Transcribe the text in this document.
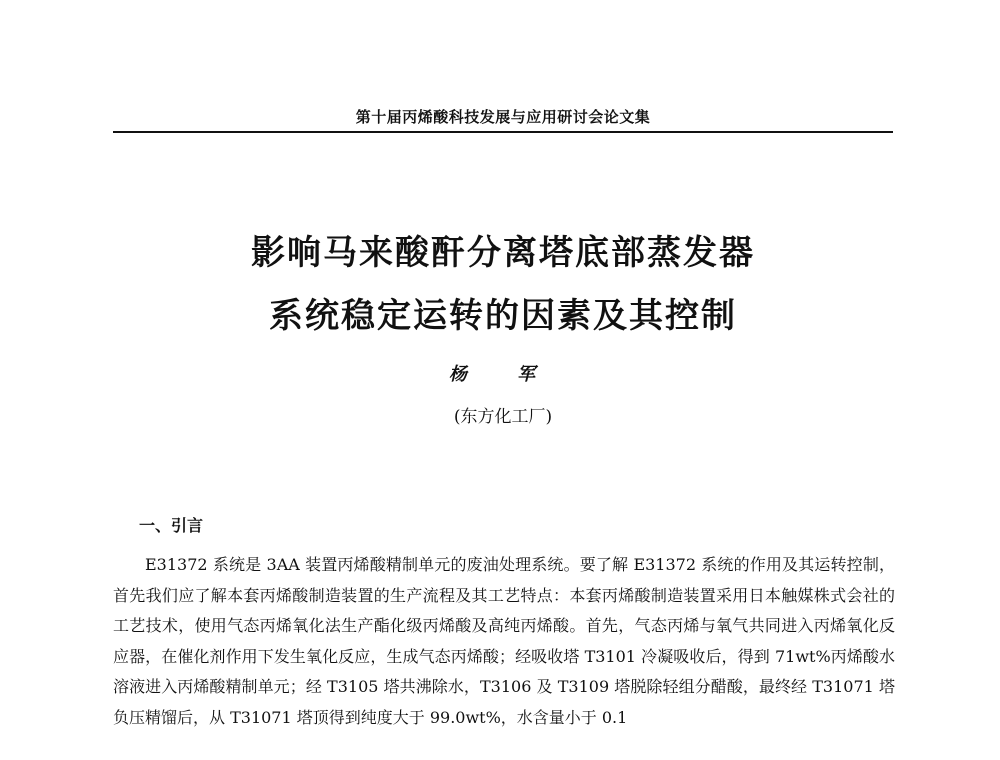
第十届丙烯酸科技发展与应用研讨会论文集
影响马来酸酐分离塔底部蒸发器
系统稳定运转的因素及其控制
杨 军
(东方化工厂)
一、引言

E31372 系统是 3AA 装置丙烯酸精制单元的废油处理系统。要了解 E31372 系统的作用及其运转控制，首先我们应了解本套丙烯酸制造装置的生产流程及其工艺特点：本套丙烯酸制造装置采用日本触媒株式会社的工艺技术，使用气态丙烯氧化法生产酯化级丙烯酸及高纯丙烯酸。首先，气态丙烯与氧气共同进入丙烯氧化反应器，在催化剂作用下发生氧化反应，生成气态丙烯酸；经吸收塔 T3101 冷凝吸收后，得到 71wt%丙烯酸水溶液进入丙烯酸精制单元；经 T3105 塔共沸除水，T3106 及 T3109 塔脱除轻组分醋酸，最终经 T31071 塔负压精馏后，从 T31071 塔顶得到纯度大于 99.0wt%，水含量小于 0.1
